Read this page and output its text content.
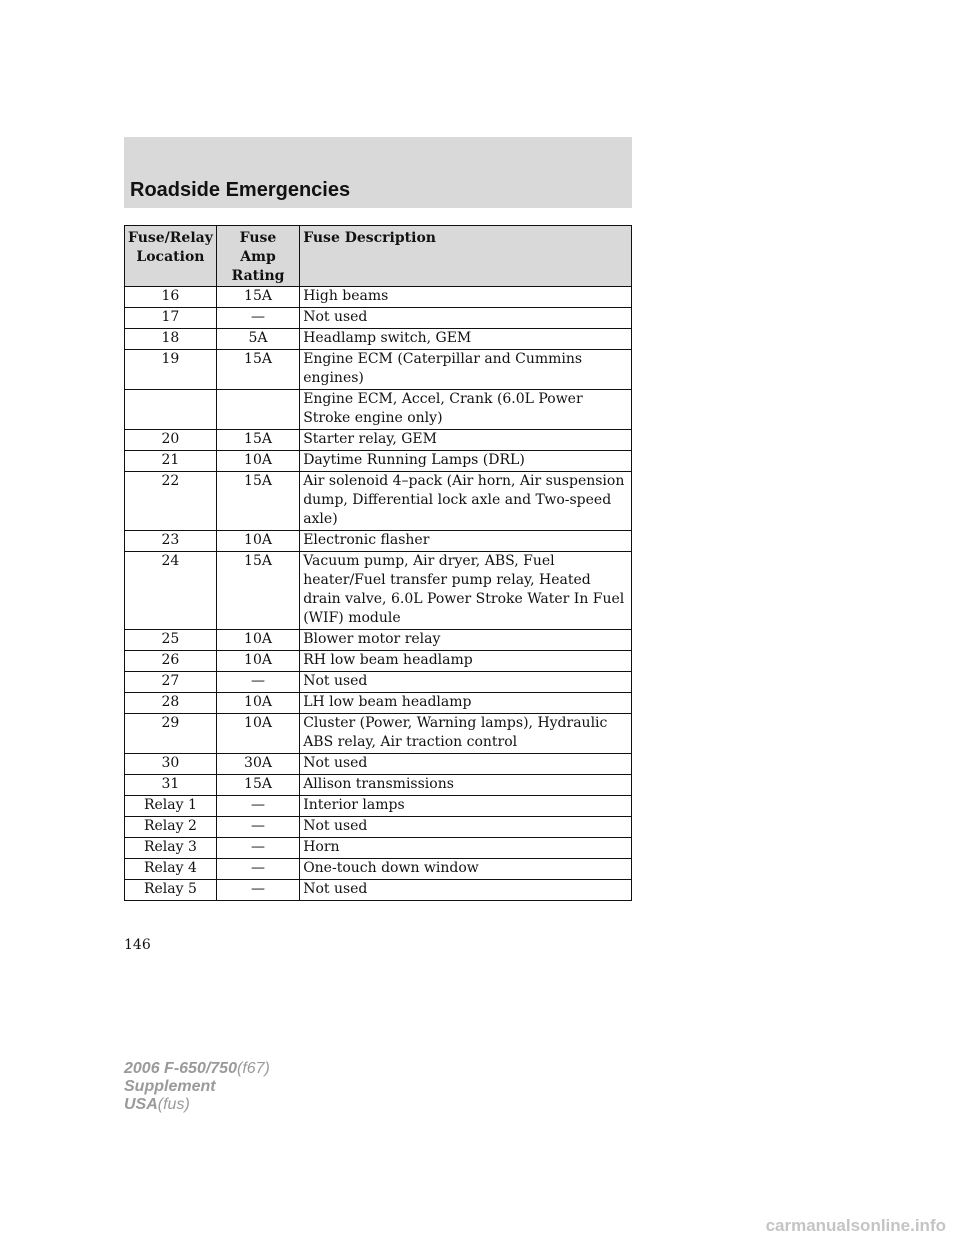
Roadside Emergencies
Fuse/Relay Location	Fuse Amp Rating	Fuse Description
16	15A	High beams
17	—	Not used
18	5A	Headlamp switch, GEM
19	15A	Engine ECM (Caterpillar and Cummins engines)
		Engine ECM, Accel, Crank (6.0L Power Stroke engine only)
20	15A	Starter relay, GEM
21	10A	Daytime Running Lamps (DRL)
22	15A	Air solenoid 4–pack (Air horn, Air suspension dump, Differential lock axle and Two-speed axle)
23	10A	Electronic flasher
24	15A	Vacuum pump, Air dryer, ABS, Fuel heater/Fuel transfer pump relay, Heated drain valve, 6.0L Power Stroke Water In Fuel (WIF) module
25	10A	Blower motor relay
26	10A	RH low beam headlamp
27	—	Not used
28	10A	LH low beam headlamp
29	10A	Cluster (Power, Warning lamps), Hydraulic ABS relay, Air traction control
30	30A	Not used
31	15A	Allison transmissions
Relay 1	—	Interior lamps
Relay 2	—	Not used
Relay 3	—	Horn
Relay 4	—	One-touch down window
Relay 5	—	Not used
146
2006 F-650/750(f67)
Supplement
USA(fus)
carmanualsonline.info
